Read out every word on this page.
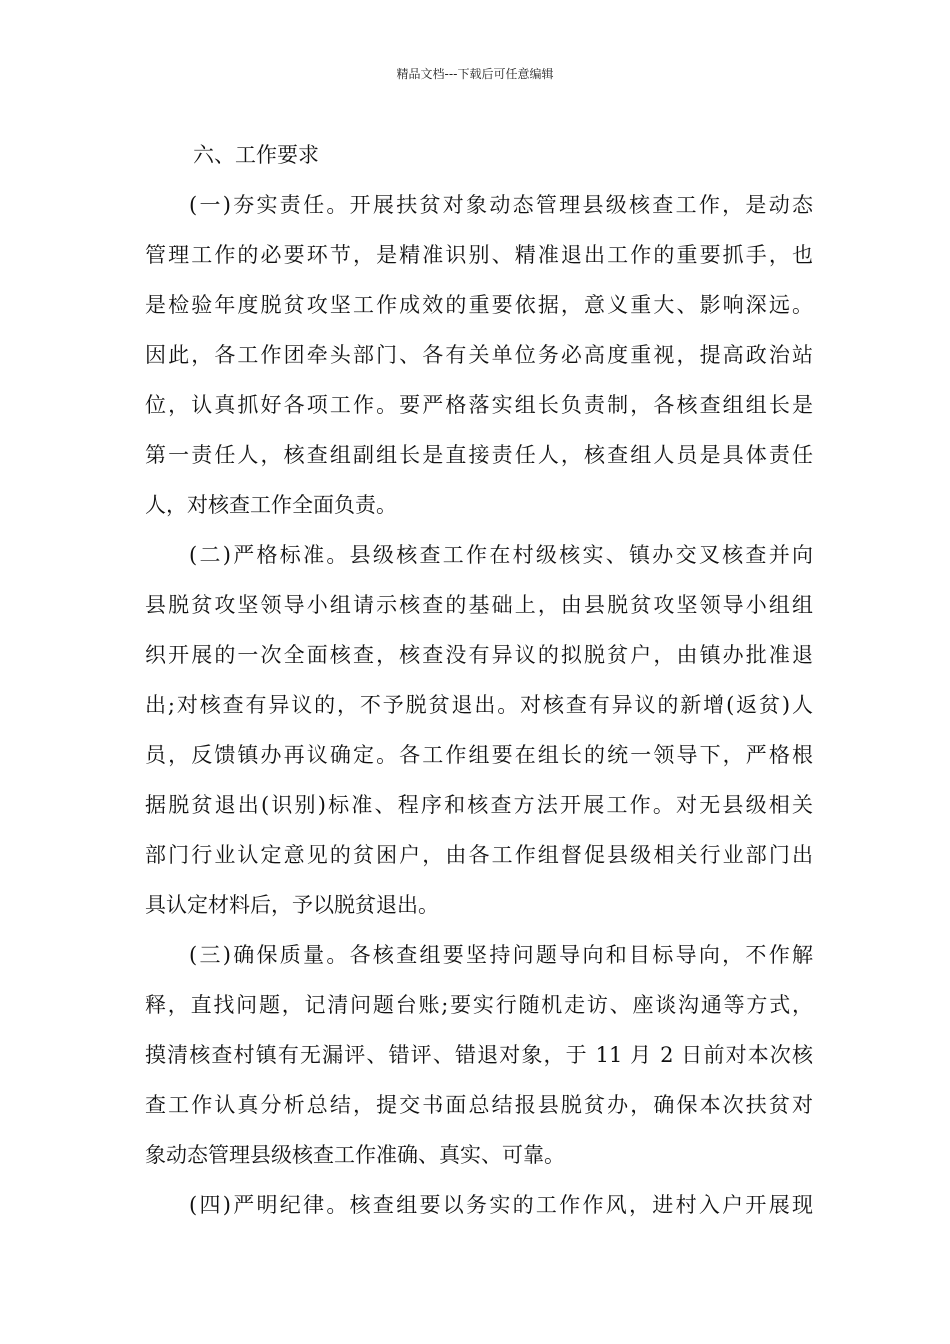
精品文档---下载后可任意编辑
六、工作要求
(一)夯实责任。开展扶贫对象动态管理县级核查工作，是动态
管理工作的必要环节，是精准识别、精准退出工作的重要抓手，也
是检验年度脱贫攻坚工作成效的重要依据，意义重大、影响深远。
因此，各工作团牵头部门、各有关单位务必高度重视，提高政治站
位，认真抓好各项工作。要严格落实组长负责制，各核查组组长是
第一责任人，核查组副组长是直接责任人，核查组人员是具体责任
人，对核查工作全面负责。
(二)严格标准。县级核查工作在村级核实、镇办交叉核查并向
县脱贫攻坚领导小组请示核查的基础上，由县脱贫攻坚领导小组组
织开展的一次全面核查，核查没有异议的拟脱贫户，由镇办批准退
出;对核查有异议的，不予脱贫退出。对核查有异议的新增(返贫)人
员，反馈镇办再议确定。各工作组要在组长的统一领导下，严格根
据脱贫退出(识别)标准、程序和核查方法开展工作。对无县级相关
部门行业认定意见的贫困户，由各工作组督促县级相关行业部门出
具认定材料后，予以脱贫退出。
(三)确保质量。各核查组要坚持问题导向和目标导向，不作解
释，直找问题，记清问题台账;要实行随机走访、座谈沟通等方式，
摸清核查村镇有无漏评、错评、错退对象，于 11 月 2 日前对本次核
查工作认真分析总结，提交书面总结报县脱贫办，确保本次扶贫对
象动态管理县级核查工作准确、真实、可靠。
(四)严明纪律。核查组要以务实的工作作风，进村入户开展现
